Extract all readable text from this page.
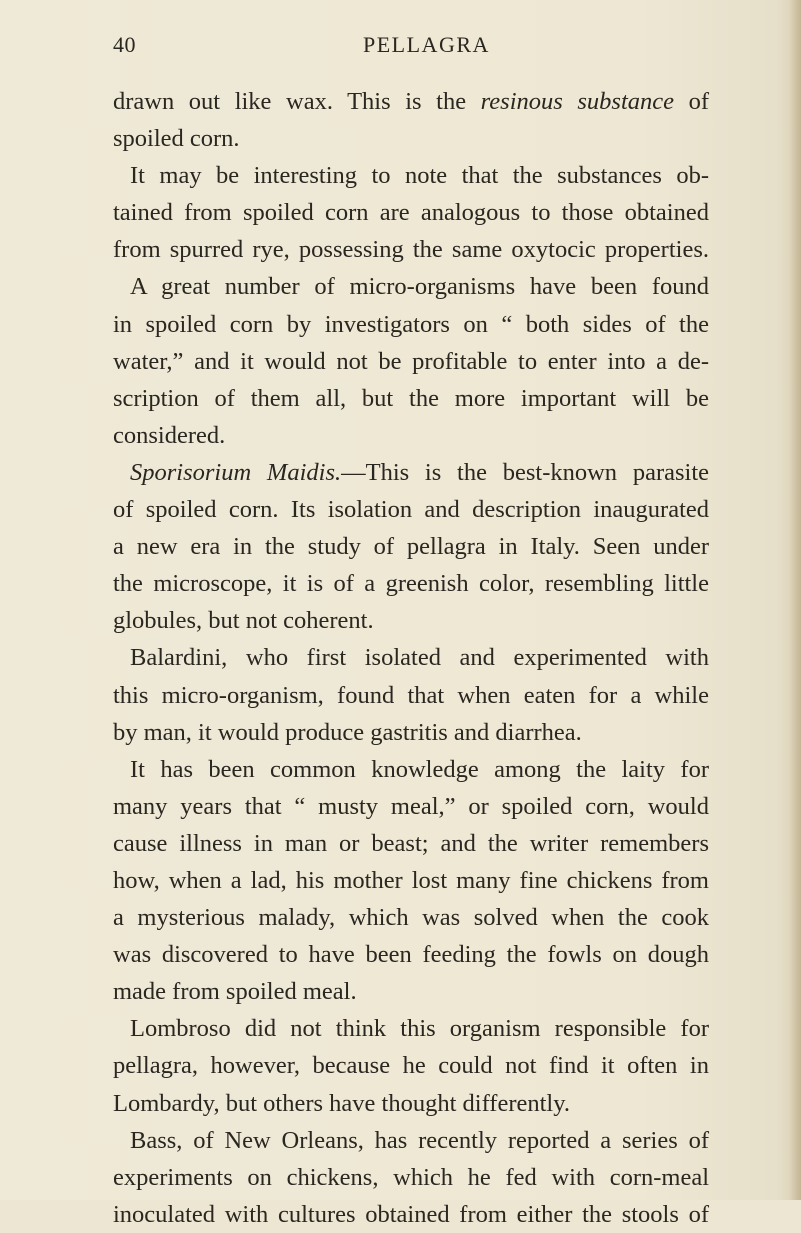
40	PELLAGRA
drawn out like wax. This is the resinous substance of
spoiled corn.
It may be interesting to note that the substances ob-
tained from spoiled corn are analogous to those obtained
from spurred rye, possessing the same oxytocic properties.
A great number of micro-organisms have been found
in spoiled corn by investigators on “ both sides of the
water,” and it would not be profitable to enter into a de-
scription of them all, but the more important will be
considered.
Sporisorium Maidis.—This is the best-known parasite
of spoiled corn. Its isolation and description inaugurated
a new era in the study of pellagra in Italy. Seen under
the microscope, it is of a greenish color, resembling little
globules, but not coherent.
Balardini, who first isolated and experimented with
this micro-organism, found that when eaten for a while
by man, it would produce gastritis and diarrhea.
It has been common knowledge among the laity for
many years that “ musty meal,” or spoiled corn, would
cause illness in man or beast; and the writer remembers
how, when a lad, his mother lost many fine chickens from
a mysterious malady, which was solved when the cook
was discovered to have been feeding the fowls on dough
made from spoiled meal.
Lombroso did not think this organism responsible for
pellagra, however, because he could not find it often in
Lombardy, but others have thought differently.
Bass, of New Orleans, has recently reported a series of
experiments on chickens, which he fed with corn-meal
inoculated with cultures obtained from either the stools of
